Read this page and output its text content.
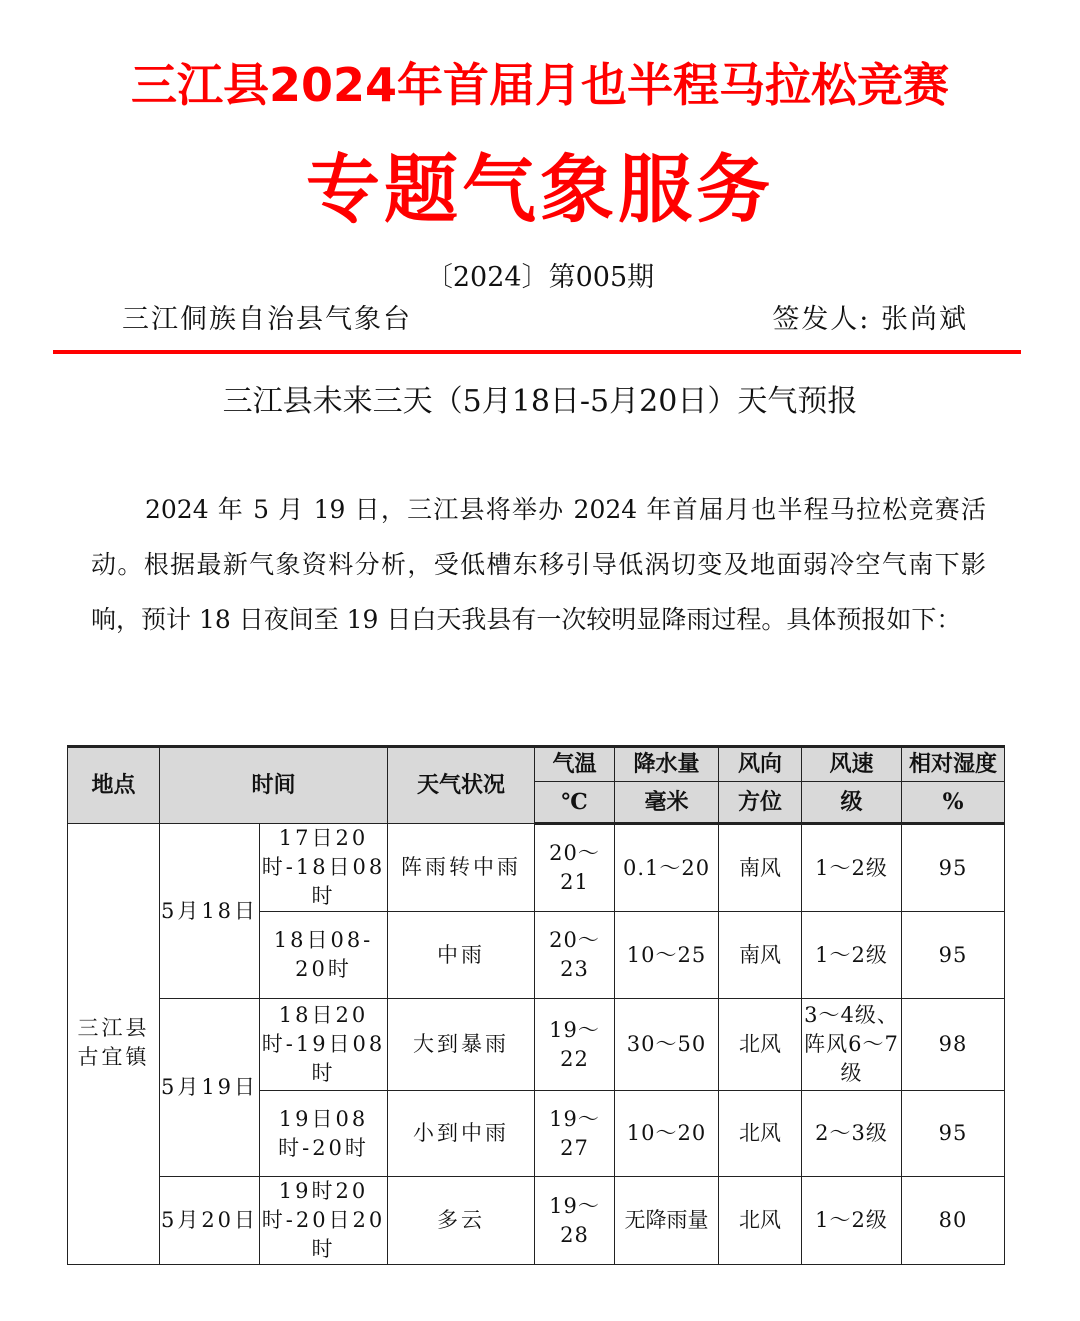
三江县2024年首届月也半程马拉松竞赛
专题气象服务
〔2024〕第005期
三江侗族自治县气象台	签发人: 张尚斌
三江县未来三天（5月18日-5月20日）天气预报

2024 年 5 月 19 日，三江县将举办 2024 年首届月也半程马拉松竞赛活动。根据最新气象资料分析，受低槽东移引导低涡切变及地面弱冷空气南下影响，预计 18 日夜间至 19 日白天我县有一次较明显降雨过程。具体预报如下：

地点	时间		天气状况	气温	降水量	风向	风速	相对湿度
				℃	毫米	方位	级	%
三江县古宜镇	5月18日	17日20时-18日08时	阵雨转中雨	20～21	0.1～20	南风	1～2级	95
		18日08-20时	中雨	20～23	10～25	南风	1～2级	95
	5月19日	18日20时-19日08时	大到暴雨	19～22	30～50	北风	3～4级、阵风6～7级	98
		19日08时-20时	小到中雨	19～27	10～20	北风	2～3级	95
	5月20日	19时20时-20日20时	多云	19～28	无降雨量	北风	1～2级	80
